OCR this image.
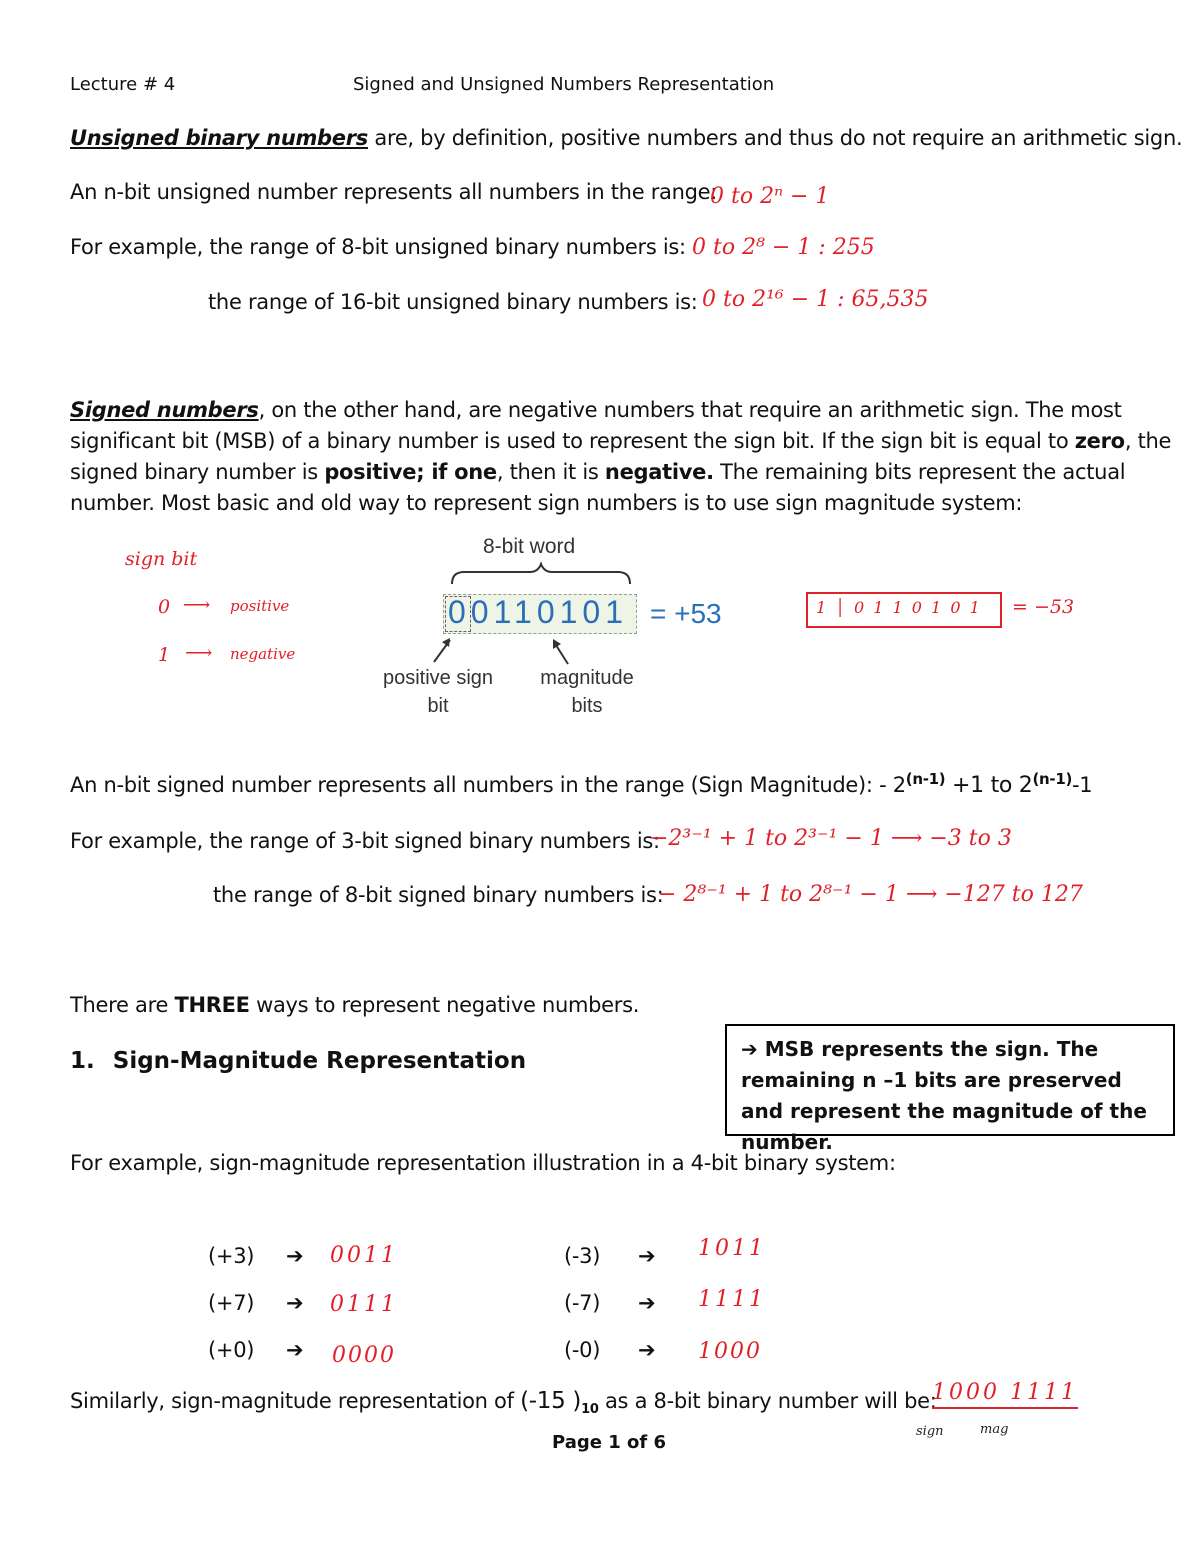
Lecture # 4	Signed and Unsigned Numbers Representation
Unsigned binary numbers are, by definition, positive numbers and thus do not require an arithmetic sign.
An n-bit unsigned number represents all numbers in the range:
0 to 2ⁿ − 1
For example, the range of 8-bit unsigned binary numbers is: 0 to 2⁸ − 1 : 255
the range of 16-bit unsigned binary numbers is: 0 to 2¹⁶ − 1 : 65,535
Signed numbers, on the other hand, are negative numbers that require an arithmetic sign. The most
significant bit (MSB) of a binary number is used to represent the sign bit. If the sign bit is equal to zero, the
signed binary number is positive; if one, then it is negative. The remaining bits represent the actual
number. Most basic and old way to represent sign numbers is to use sign magnitude system:
sign bit
0 ⟶ positive
1 ⟶ negative
8-bit word
00110101 = +53
positive sign bit
magnitude bits
1 │ 0 1 1 0 1 0 1 = −53
An n-bit signed number represents all numbers in the range (Sign Magnitude): - $2^{(n-1)} +1$ to 2$^{(n-1)}$-1
For example, the range of 3-bit signed binary numbers is:
−2³⁻¹ + 1 to 2³⁻¹ − 1 ⟶ −3 to 3
the range of 8-bit signed binary numbers is:
− 2⁸⁻¹ + 1 to 2⁸⁻¹ − 1 ⟶ −127 to 127
There are THREE ways to represent negative numbers.
1. Sign-Magnitude Representation	➔ MSB represents the sign. The remaining n –1 bits are preserved and represent the magnitude of the number.
For example, sign-magnitude representation illustration in a 4-bit binary system:
(+3) ➔ 0011	(-3) ➔ 1011
(+7) ➔ 0111	(-7) ➔ 1111
(+0) ➔ 0000	(-0) ➔ 1000
Similarly, sign-magnitude representation of (-15 )$_{10}$ as a 8-bit binary number will be:
1000 1111
sign	mag
Page 1 of 6
